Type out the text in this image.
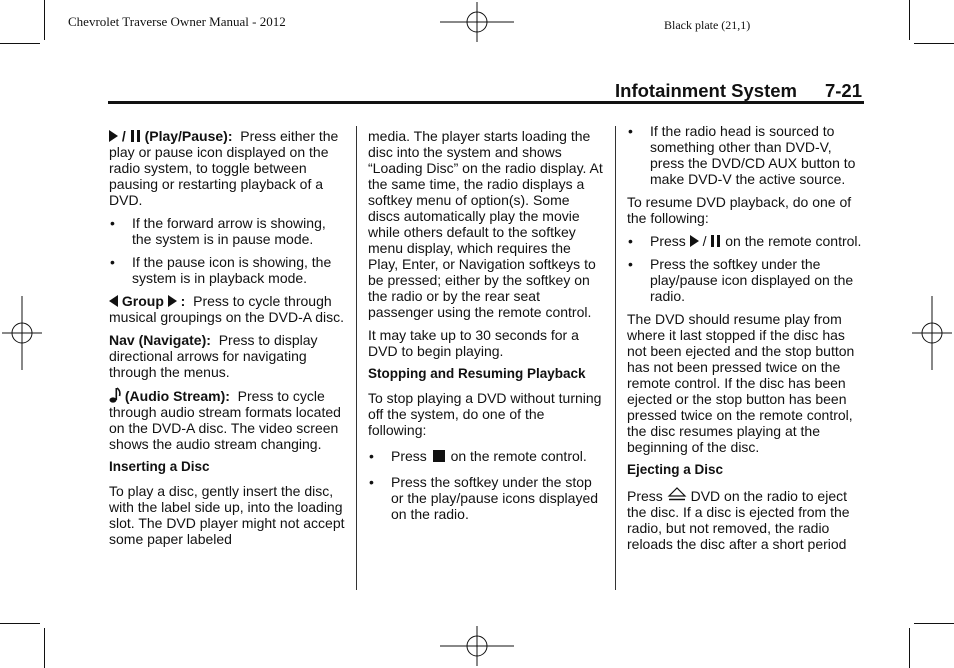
Chevrolet Traverse Owner Manual - 2012	Black plate (21,1)
Infotainment System 7-21

/  (Play/Pause): Press either the play or pause icon displayed on the radio system, to toggle between pausing or restarting playback of a DVD.

• If the forward arrow is showing, the system is in pause mode.
• If the pause icon is showing, the system is in playback mode.

Group : Press to cycle through musical groupings on the DVD-A disc.

Nav (Navigate): Press to display directional arrows for navigating through the menus.

(Audio Stream): Press to cycle through audio stream formats located on the DVD-A disc. The video screen shows the audio stream changing.

Inserting a Disc

To play a disc, gently insert the disc, with the label side up, into the loading slot. The DVD player might not accept some paper labeled

media. The player starts loading the disc into the system and shows “Loading Disc” on the radio display. At the same time, the radio displays a softkey menu of option(s). Some discs automatically play the movie while others default to the softkey menu display, which requires the Play, Enter, or Navigation softkeys to be pressed; either by the softkey on the radio or by the rear seat passenger using the remote control.

It may take up to 30 seconds for a DVD to begin playing.

Stopping and Resuming Playback

To stop playing a DVD without turning off the system, do one of the following:

• Press on the remote control.
• Press the softkey under the stop or the play/pause icons displayed on the radio.
• If the radio head is sourced to something other than DVD-V, press the DVD/CD AUX button to make DVD-V the active source.

To resume DVD playback, do one of the following:

• Press / on the remote control.
• Press the softkey under the play/pause icon displayed on the radio.

The DVD should resume play from where it last stopped if the disc has not been ejected and the stop button has not been pressed twice on the remote control. If the disc has been ejected or the stop button has been pressed twice on the remote control, the disc resumes playing at the beginning of the disc.

Ejecting a Disc

Press DVD on the radio to eject the disc. If a disc is ejected from the radio, but not removed, the radio reloads the disc after a short period
